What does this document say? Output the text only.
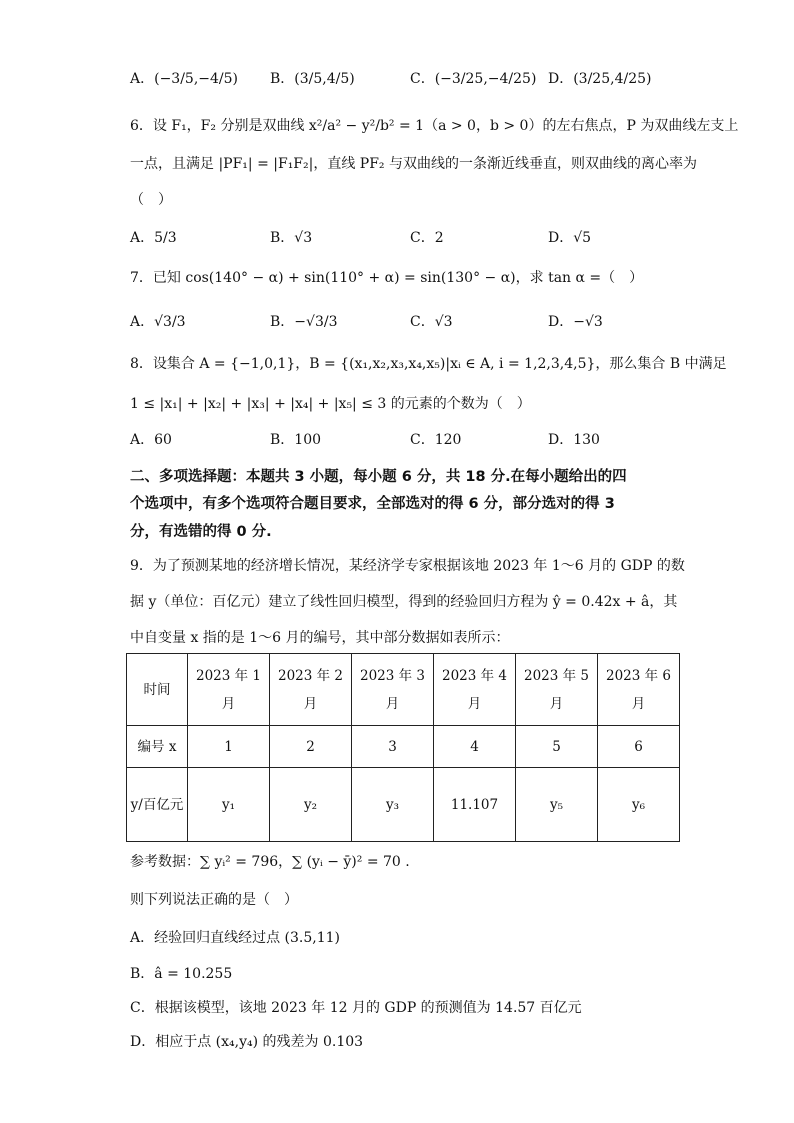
A．(−3/5,−4/5) B．(3/5,4/5)	C．(−3/25,−4/25) D．(3/25,4/25)
6．设 F₁，F₂ 分别是双曲线 x²/a² − y²/b² = 1（a > 0，b > 0）的左右焦点，P 为双曲线左支上
一点，且满足 |PF₁| = |F₁F₂|，直线 PF₂ 与双曲线的一条渐近线垂直，则双曲线的离心率为
（　）
A．5/3	B．√3	C．2	D．√5
7．已知 cos(140° − α) + sin(110° + α) = sin(130° − α)，求 tan α =（　）
A．√3/3	B．−√3/3	C．√3	D．−√3
8．设集合 A = {−1,0,1}，B = {(x₁,x₂,x₃,x₄,x₅)|xᵢ ∈ A, i = 1,2,3,4,5}，那么集合 B 中满足
1 ≤ |x₁| + |x₂| + |x₃| + |x₄| + |x₅| ≤ 3 的元素的个数为（　）
A．60	B．100	C．120	D．130
二、多项选择题：本题共 3 小题，每小题 6 分，共 18 分.在每小题给出的四
个选项中，有多个选项符合题目要求，全部选对的得 6 分，部分选对的得 3
分，有选错的得 0 分.
9．为了预测某地的经济增长情况，某经济学专家根据该地 2023 年 1～6 月的 GDP 的数
据 y（单位：百亿元）建立了线性回归模型，得到的经验回归方程为 ŷ = 0.42x + â，其
中自变量 x 指的是 1～6 月的编号，其中部分数据如表所示：
时间	2023 年 1 月	2023 年 2 月	2023 年 3 月	2023 年 4 月	2023 年 5 月	2023 年 6 月
编号 x	1	2	3	4	5	6
y/百亿元	y₁	y₂	y₃	11.107	y₅	y₆
参考数据：∑ yᵢ² = 796，∑ (yᵢ − ȳ)² = 70 .
则下列说法正确的是（　）
A．经验回归直线经过点 (3.5,11)
B．â = 10.255
C．根据该模型，该地 2023 年 12 月的 GDP 的预测值为 14.57 百亿元
D．相应于点 (x₄,y₄) 的残差为 0.103
